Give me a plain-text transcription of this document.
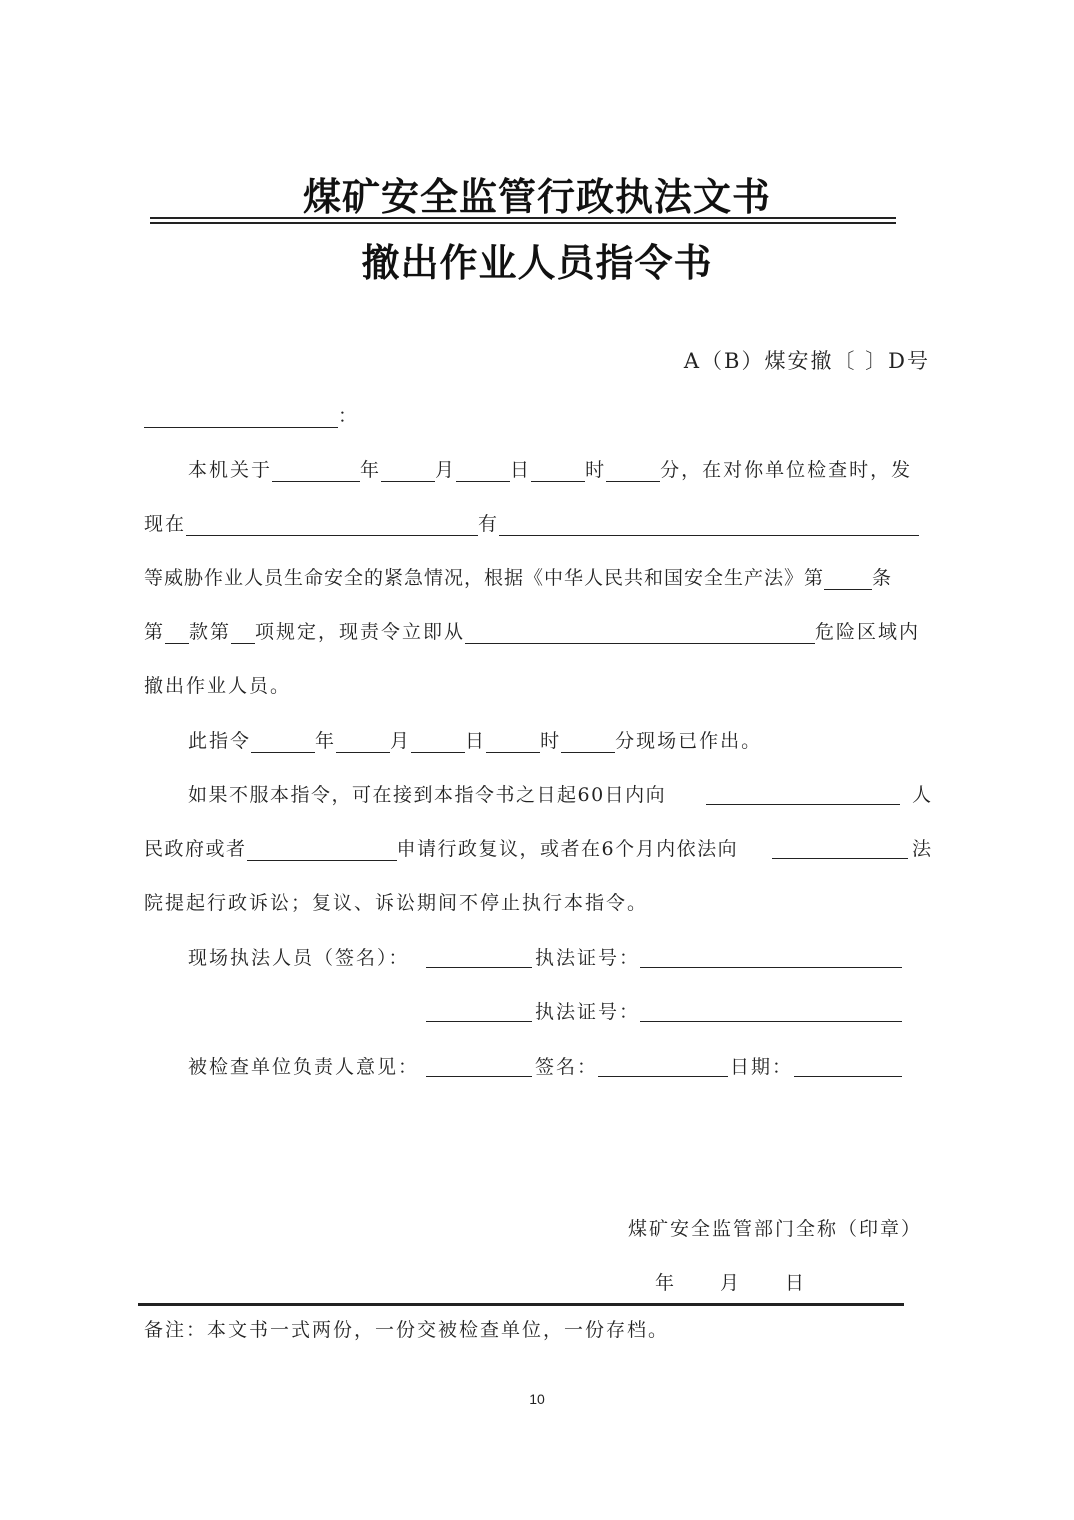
煤矿安全监管行政执法文书
撤出作业人员指令书
A（B）煤安撤〔 〕D号
：
本机关于	年	月	日	时	分，在对你单位检查时，发
现在	有
等威胁作业人员生命安全的紧急情况，根据《中华人民共和国安全生产法》第	条
第 款第 项规定，现责令立即从	危险区域内
撤出作业人员。
此指令	年	月	日	时	分现场已作出。
如果不服本指令，可在接到本指令书之日起60日内向	人
民政府或者	申请行政复议，或者在6个月内依法向	法
院提起行政诉讼；复议、诉讼期间不停止执行本指令。
现场执法人员（签名）：	执法证号：
执法证号：
被检查单位负责人意见：	签名：	日期：
煤矿安全监管部门全称（印章）
年 月 日
备注：本文书一式两份，一份交被检查单位，一份存档。
10
